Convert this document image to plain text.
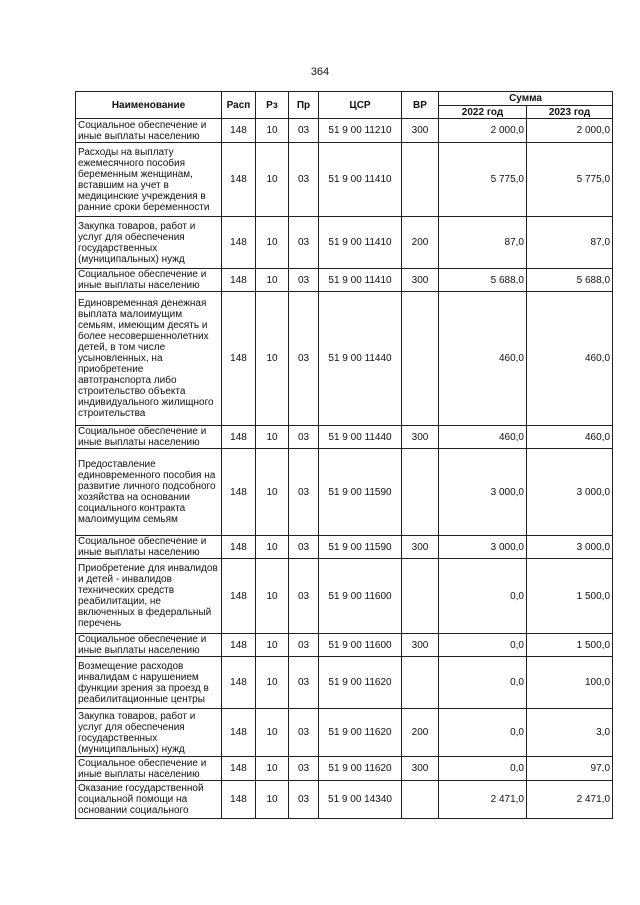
364
Наименование	Расп	Рз	Пр	ЦСР	ВР	Сумма	
						2022 год	2023 год
Социальное обеспечение и иные выплаты населению	148	10	03	51 9 00 11210	300	2 000,0	2 000,0
Расходы на выплату ежемесячного пособия беременным женщинам, вставшим на учет в медицинские учреждения в ранние сроки беременности	148	10	03	51 9 00 11410		5 775,0	5 775,0
Закупка товаров, работ и услуг для обеспечения государственных (муниципальных) нужд	148	10	03	51 9 00 11410	200	87,0	87,0
Социальное обеспечение и иные выплаты населению	148	10	03	51 9 00 11410	300	5 688,0	5 688,0
Единовременная денежная выплата малоимущим семьям, имеющим десять и более несовершеннолетних детей, в том числе усыновленных, на приобретение автотранспорта либо строительство объекта индивидуального жилищного строительства	148	10	03	51 9 00 11440		460,0	460,0
Социальное обеспечение и иные выплаты населению	148	10	03	51 9 00 11440	300	460,0	460,0
Предоставление единовременного пособия на развитие личного подсобного хозяйства на основании социального контракта малоимущим семьям	148	10	03	51 9 00 11590		3 000,0	3 000,0
Социальное обеспечение и иные выплаты населению	148	10	03	51 9 00 11590	300	3 000,0	3 000,0
Приобретение для инвалидов и детей - инвалидов технических средств реабилитации, не включенных в федеральный перечень	148	10	03	51 9 00 11600		0,0	1 500,0
Социальное обеспечение и иные выплаты населению	148	10	03	51 9 00 11600	300	0,0	1 500,0
Возмещение расходов инвалидам с нарушением функции зрения за проезд в реабилитационные центры	148	10	03	51 9 00 11620		0,0	100,0
Закупка товаров, работ и услуг для обеспечения государственных (муниципальных) нужд	148	10	03	51 9 00 11620	200	0,0	3,0
Социальное обеспечение и иные выплаты населению	148	10	03	51 9 00 11620	300	0,0	97,0
Оказание государственной социальной помощи на основании социального	148	10	03	51 9 00 14340		2 471,0	2 471,0
